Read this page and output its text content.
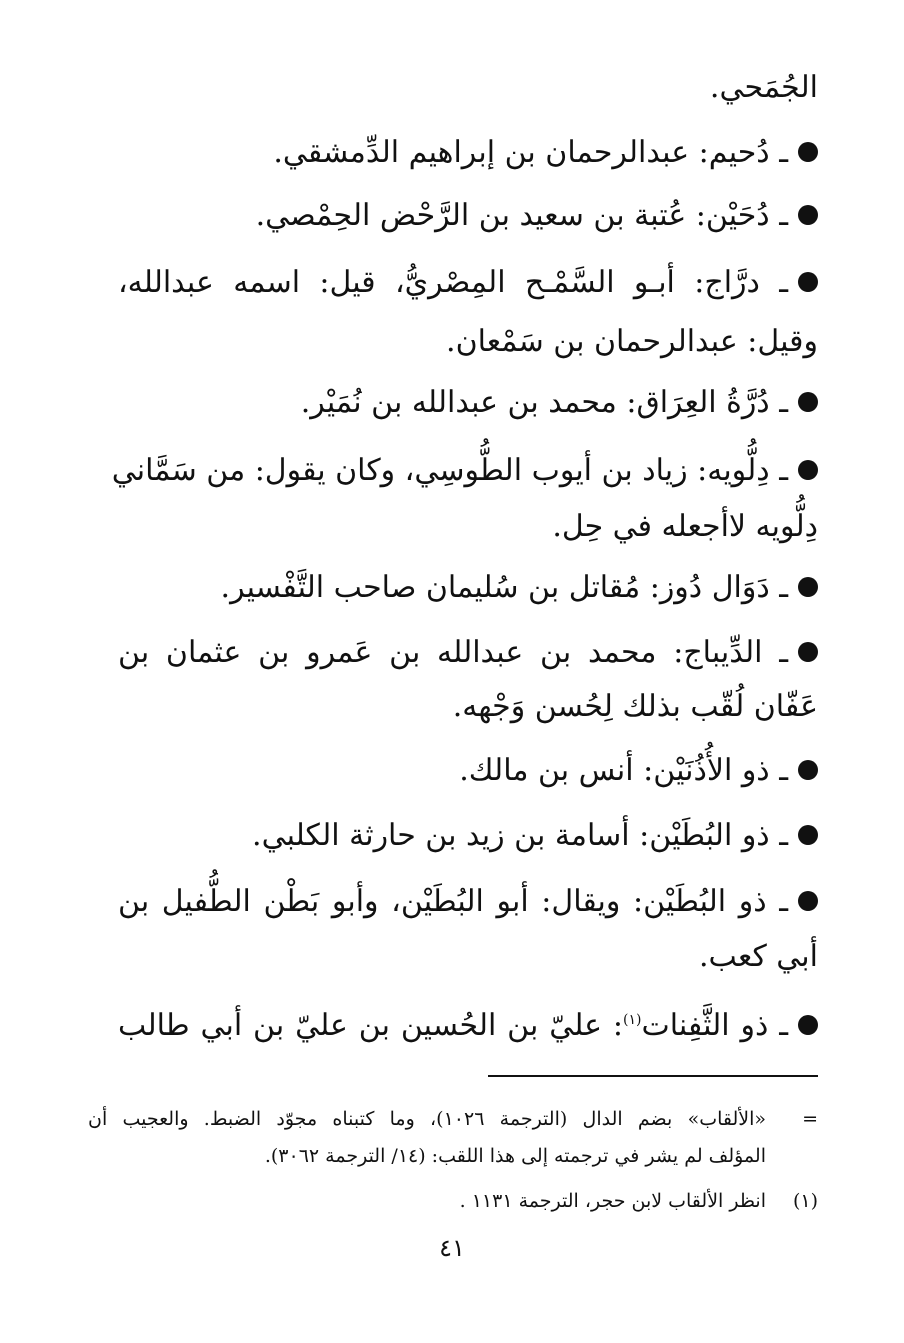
الجُمَحي.
ـ دُحيم: عبدالرحمان بن إبراهيم الدِّمشقي.
ـ دُحَيْن: عُتبة بن سعيد بن الرَّحْض الحِمْصي.
ـ درَّاج: أبـو السَّمْـح المِصْريُّ، قيل: اسمه عبدالله،
وقيل: عبدالرحمان بن سَمْعان.
ـ دُرَّةُ العِرَاق: محمد بن عبدالله بن نُمَيْر.
ـ دِلُّويه: زياد بن أيوب الطُّوسِي، وكان يقول: من سَمَّاني
دِلُّويه لاأجعله في حِل.
ـ دَوَال دُوز: مُقاتل بن سُليمان صاحب التَّفْسير.
ـ الدِّيباج: محمد بن عبدالله بن عَمرو بن عثمان بن
عَفّان لُقّب بذلك لِحُسن وَجْهه.
ـ ذو الأُذُنَيْن: أنس بن مالك.
ـ ذو البُطَيْن: أسامة بن زيد بن حارثة الكلبي.
ـ ذو البُطَيْن: ويقال: أبو البُطَيْن، وأبو بَطْن الطُّفيل بن
أبي كعب.
ـ ذو الثَّفِنات$^{(١)}$: عليّ بن الحُسين بن عليّ بن أبي طالب
=«الألقاب» بضم الدال (الترجمة ١٠٢٦)، وما كتبناه مجوّد الضبط. والعجيب أن
المؤلف لم يشر في ترجمته إلى هذا اللقب: (١٤/ الترجمة ٣٠٦٢).
(١)انظر الألقاب لابن حجر، الترجمة ١١٣١ .
٤١
